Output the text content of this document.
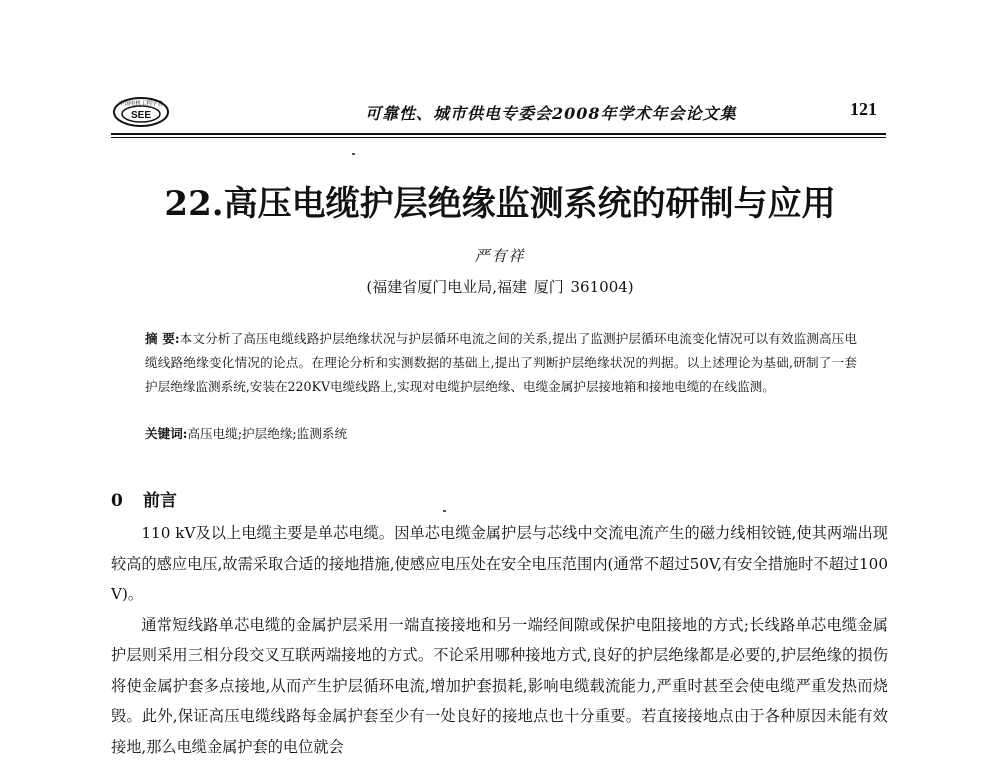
中国电机工程学会
SEE	可靠性、城市供电专委会2008年学术年会论文集	121
22.高压电缆护层绝缘监测系统的研制与应用
严有祥
(福建省厦门电业局,福建 厦门 361004)
摘 要:本文分析了高压电缆线路护层绝缘状况与护层循环电流之间的关系,提出了监测护层循环电流变化情况可以有效监测高压电缆线路绝缘变化情况的论点。在理论分析和实测数据的基础上,提出了判断护层绝缘状况的判据。以上述理论为基础,研制了一套护层绝缘监测系统,安装在220KV电缆线路上,实现对电缆护层绝缘、电缆金属护层接地箱和接地电缆的在线监测。
关键词:高压电缆;护层绝缘;监测系统
0 前言

110 kV及以上电缆主要是单芯电缆。因单芯电缆金属护层与芯线中交流电流产生的磁力线相铰链,使其两端出现较高的感应电压,故需采取合适的接地措施,使感应电压处在安全电压范围内(通常不超过50V,有安全措施时不超过100 V)。

通常短线路单芯电缆的金属护层采用一端直接接地和另一端经间隙或保护电阻接地的方式;长线路单芯电缆金属护层则采用三相分段交叉互联两端接地的方式。不论采用哪种接地方式,良好的护层绝缘都是必要的,护层绝缘的损伤将使金属护套多点接地,从而产生护层循环电流,增加护套损耗,影响电缆载流能力,严重时甚至会使电缆严重发热而烧毁。此外,保证高压电缆线路每金属护套至少有一处良好的接地点也十分重要。若直接接地点由于各种原因未能有效接地,那么电缆金属护套的电位就会
